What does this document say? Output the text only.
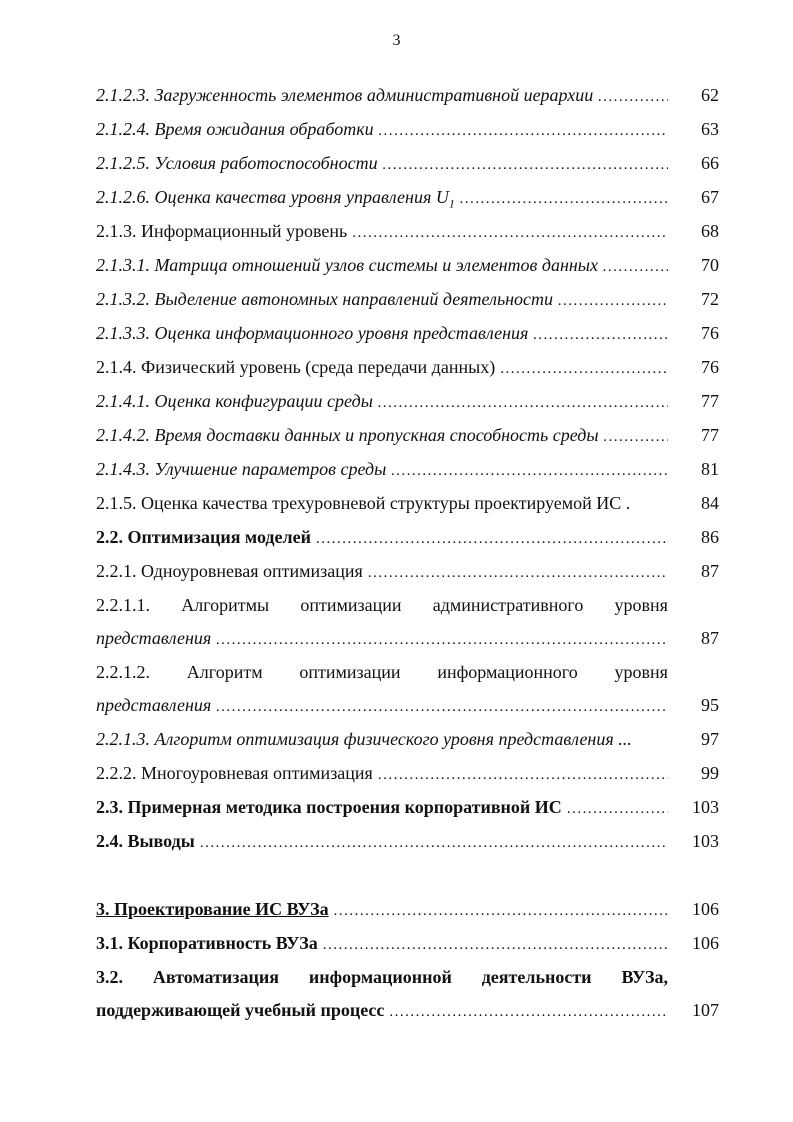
3
2.1.2.3. Загруженность элементов административной иерархии .....	62
2.1.2.4. Время ожидания обработки .....	63
2.1.2.5. Условия работоспособности .....	66
2.1.2.6. Оценка качества уровня управления $U_1$ .....	67
2.1.3. Информационный уровень .....	68
2.1.3.1. Матрица отношений узлов системы и элементов данных .....	70
2.1.3.2. Выделение автономных направлений деятельности .....	72
2.1.3.3. Оценка информационного уровня представления .....	76
2.1.4. Физический уровень (среда передачи данных) .....	76
2.1.4.1. Оценка конфигурации среды .....	77
2.1.4.2. Время доставки данных и пропускная способность среды .....	77
2.1.4.3. Улучшение параметров среды .....	81
2.1.5. Оценка качества трехуровневой структуры проектируемой ИС .	84
2.2. Оптимизация моделей .....	86
2.2.1. Одноуровневая оптимизация .....	87
2.2.1.1. Алгоритмы оптимизации административного уровня
представления .....	87
2.2.1.2. Алгоритм оптимизации информационного уровня
представления .....	95
2.2.1.3. Алгоритм оптимизация физического уровня представления ...	97
2.2.2. Многоуровневая оптимизация .....	99
2.3. Примерная методика построения корпоративной ИС .....	103
2.4. Выводы .....	103
3. Проектирование ИС ВУЗа .....	106
3.1. Корпоративность ВУЗа .....	106
3.2. Автоматизация информационной деятельности ВУЗа,
поддерживающей учебный процесс .....	107
